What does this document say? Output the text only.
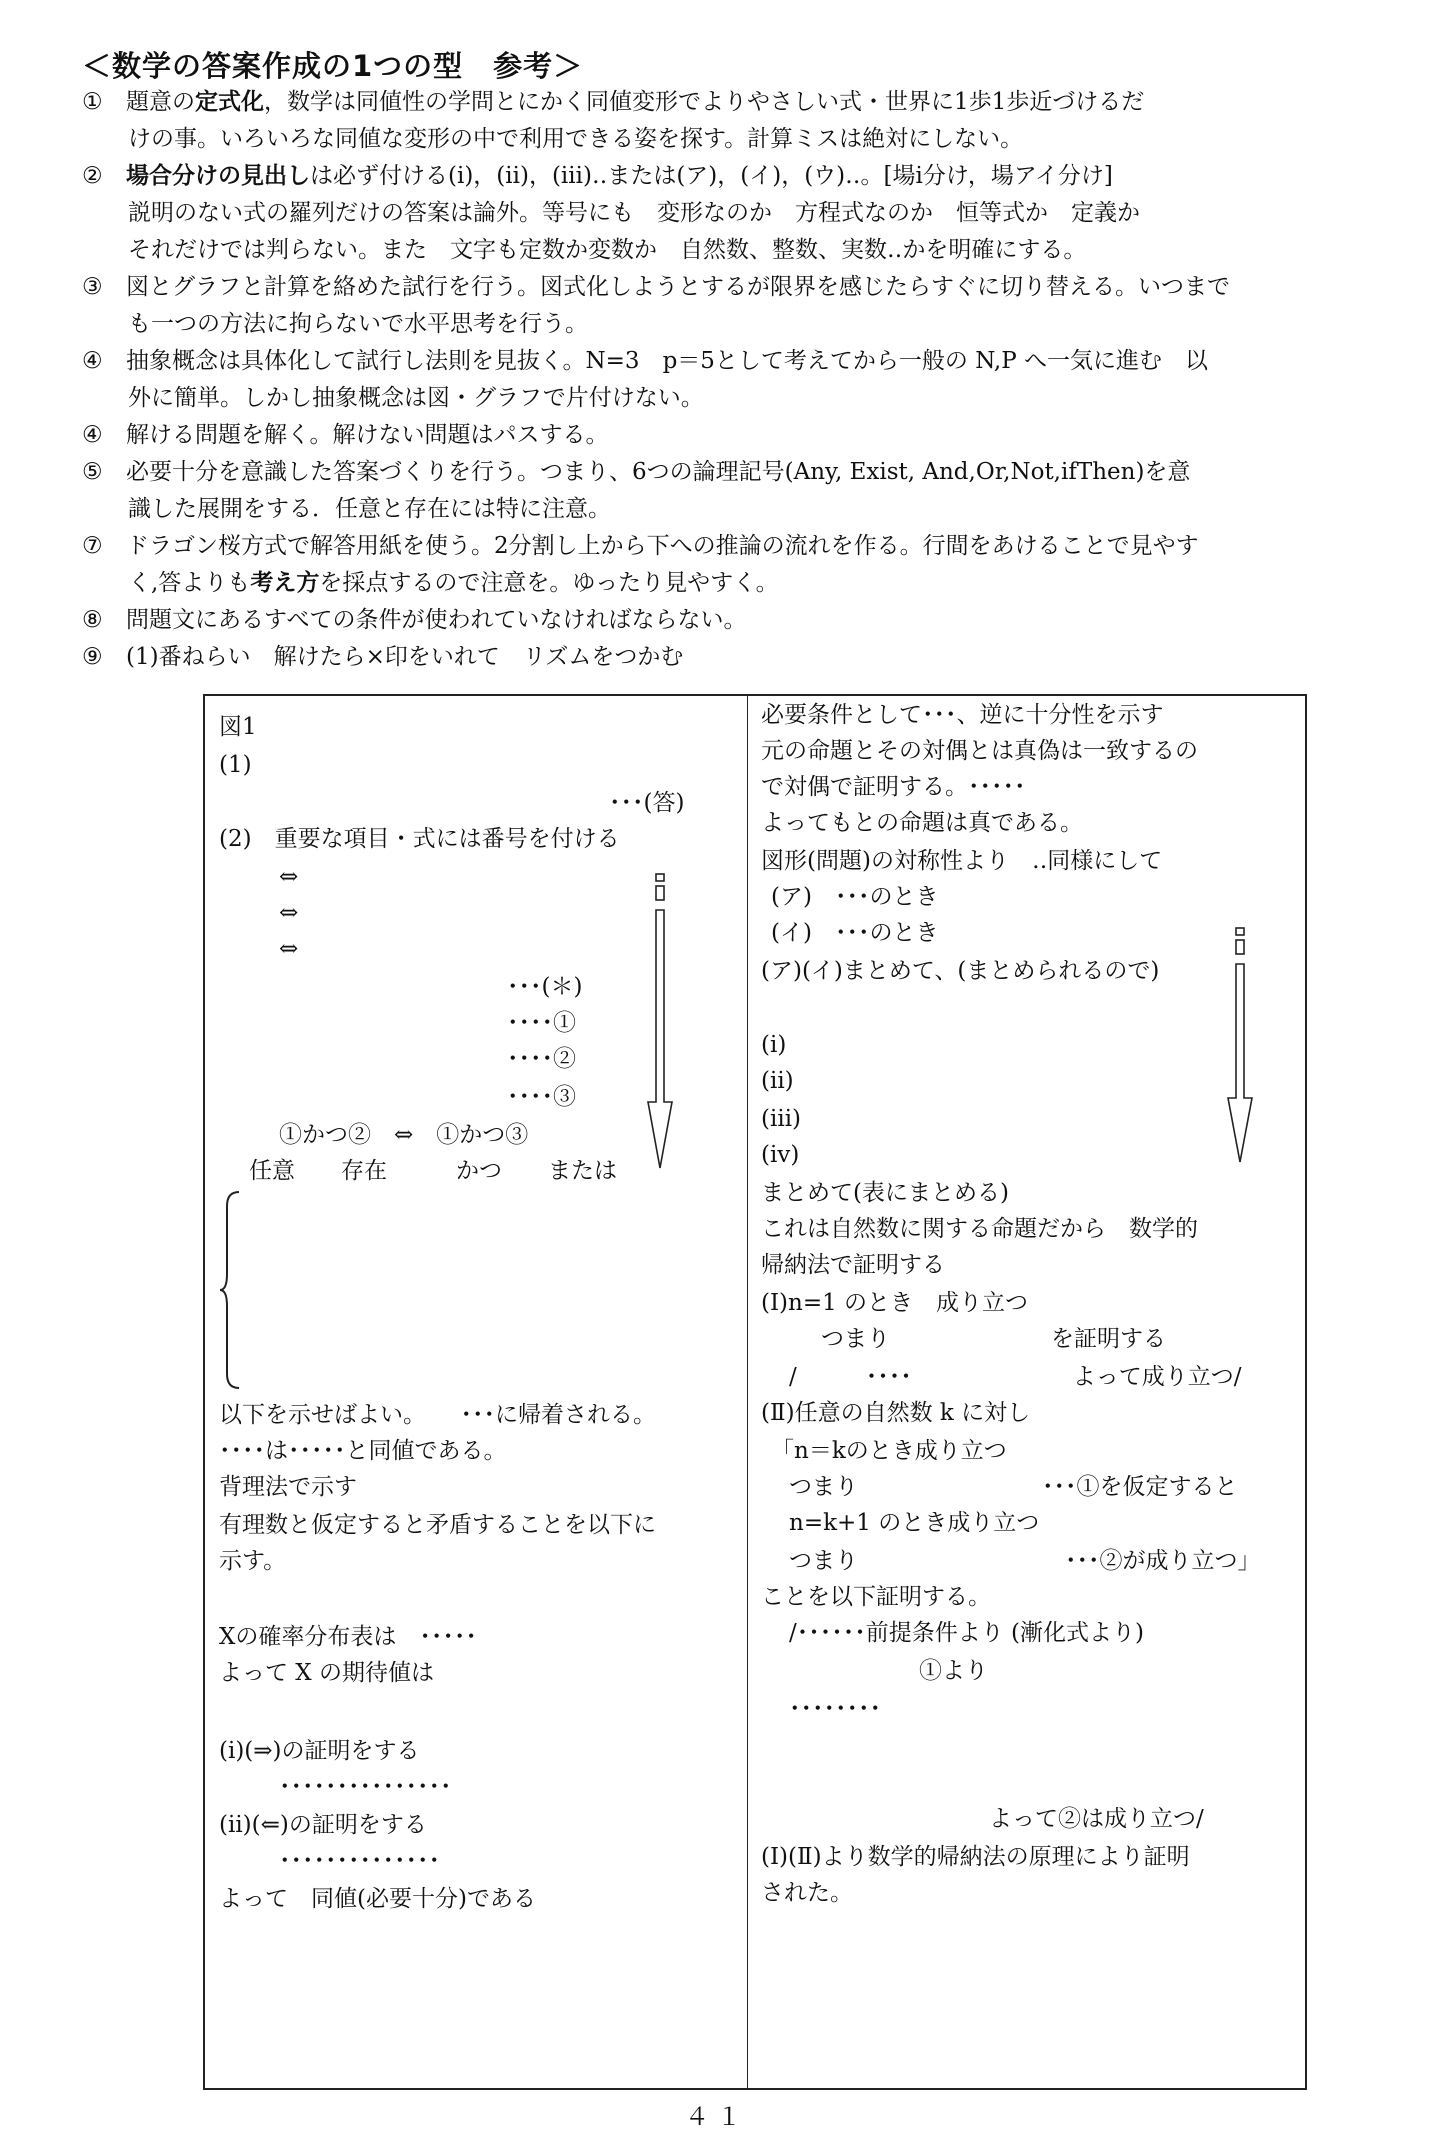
＜数学の答案作成の1つの型　参考＞
①	題意の定式化，数学は同値性の学問とにかく同値変形でよりやさしい式・世界に1歩1歩近づけるだ
けの事。いろいろな同値な変形の中で利用できる姿を探す。計算ミスは絶対にしない。
②	場合分けの見出しは必ず付ける(ⅰ)，(ⅱ)，(ⅲ)‥または(ア)，(イ)，(ウ)‥。[場ⅰ分け，場アイ分け]
説明のない式の羅列だけの答案は論外。等号にも　変形なのか　方程式なのか　恒等式か　定義か
それだけでは判らない。また　文字も定数か変数か　自然数、整数、実数‥かを明確にする。
③	図とグラフと計算を絡めた試行を行う。図式化しようとするが限界を感じたらすぐに切り替える。いつまで
も一つの方法に拘らないで水平思考を行う。
④	抽象概念は具体化して試行し法則を見抜く。N=3　p＝5として考えてから一般の N,P へ一気に進む　以
外に簡単。しかし抽象概念は図・グラフで片付けない。
④	解ける問題を解く。解けない問題はパスする。
⑤	必要十分を意識した答案づくりを行う。つまり、6つの論理記号(Any, Exist, And,Or,Not,ifThen)を意
識した展開をする．任意と存在には特に注意。
⑦	ドラゴン桜方式で解答用紙を使う。2分割し上から下への推論の流れを作る。行間をあけることで見やす
く,答よりも考え方を採点するので注意を。ゆったり見やすく。
⑧	問題文にあるすべての条件が使われていなければならない。
⑨	(1)番ねらい　解けたら×印をいれて　リズムをつかむ
図1
(1)
･･･(答)
(2)　重要な項目・式には番号を付ける
⇔
⇔
⇔
･･･(＊)
････①
････②
････③
①かつ②　⇔　①かつ③
任意　　存在　　　かつ　　または
以下を示せばよい。　　･･･に帰着される。
････は･････と同値である。
背理法で示す
有理数と仮定すると矛盾することを以下に
示す。
Xの確率分布表は　･････
よって X の期待値は
(ⅰ)(⇒)の証明をする
･･･････････････
(ⅱ)(⇐)の証明をする
･･････････････
よって　同値(必要十分)である
必要条件として･･･、逆に十分性を示す
元の命題とその対偶とは真偽は一致するの
で対偶で証明する。･････
よってもとの命題は真である。
図形(問題)の対称性より　‥同様にして
(ア)　･･･のとき
(イ)　･･･のとき
(ア)(イ)まとめて、(まとめられるので)
(ⅰ)
(ⅱ)
(ⅲ)
(ⅳ)
まとめて(表にまとめる)
これは自然数に関する命題だから　数学的
帰納法で証明する
(Ⅰ)n=1 のとき　成り立つ
つまり　　　　　　　を証明する
/　　　････　　　　　　　よって成り立つ/
(Ⅱ)任意の自然数 k に対し
「n＝kのとき成り立つ
つまり　　　　　　　　･･･①を仮定すると
n=k+1 のとき成り立つ
つまり　　　　　　　　　･･･②が成り立つ」
ことを以下証明する。
/･･････前提条件より (漸化式より)
①より
････････
よって②は成り立つ/
(Ⅰ)(Ⅱ)より数学的帰納法の原理により証明
された。
４１
